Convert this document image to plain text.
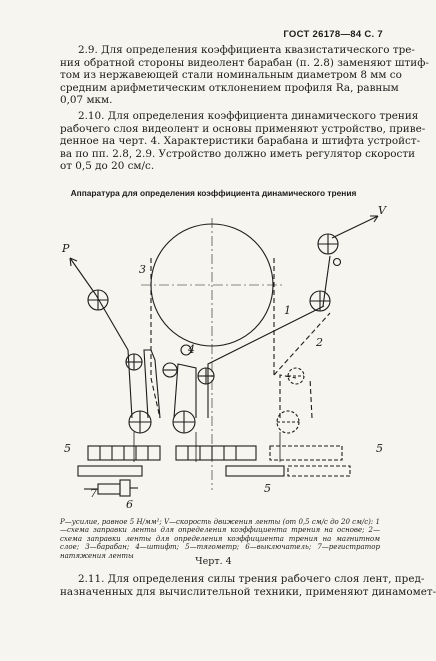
ГОСТ 26178—84 С. 7

2.9. Для определения коэффициента квазистатического тре-
ния обратной стороны видеолент барабан (п. 2.8) заменяют штиф-
том из нержавеющей стали номинальным диаметром 8 мм со
средним арифметическим отклонением профиля Ra, равным
0,07 мкм.

2.10. Для определения коэффициента динамического трения
рабочего слоя видеолент и основы применяют устройство, приве-
денное на черт. 4. Характеристики барабана и штифта устройст-
ва по пп. 2.8, 2.9. Устройство должно иметь регулятор скорости
от 0,5 до 20 см/с.

Аппаратура для определения коэффициента динамического трения
P
V
3
1
2
4
5
5
5
6
7
Р—усилие, равное 5 Н/мм²; V—скорость движения ленты (от 0,5 см/с до 20 см/с): 1—схема заправки ленты для определения коэффициента трения на основе; 2—схема заправки ленты для определения коэффициента трения на магнитном слое; 3—барабан; 4—штифт; 5—тягометр; 6—выключатель; 7—регистратор натяжения ленты
Черт. 4

2.11. Для определения силы трения рабочего слоя лент, пред-
назначенных для вычислительной техники, применяют динамомет-
